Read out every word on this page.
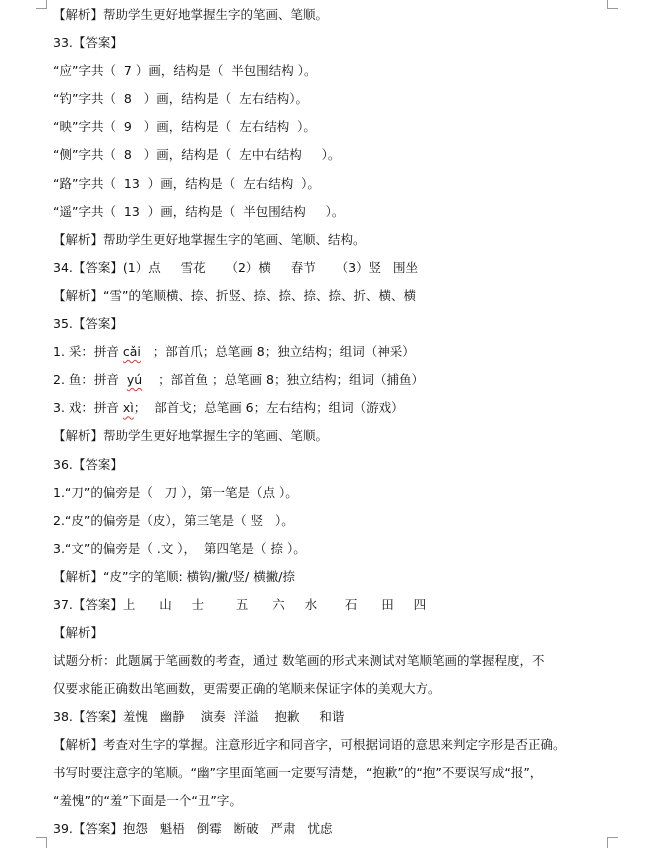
【解析】帮助学生更好地掌握生字的笔画、笔顺。
33.【答案】
“应”字共（  7 ）画，结构是（  半包围结构 ）。
“钓”字共（  8   ）画，结构是（  左右结构）。
“映”字共（  9   ）画，结构是（  左右结构  ）。
“侧”字共（  8   ）画，结构是（  左中右结构     ）。
“路”字共（  13  ）画，结构是（  左右结构  ）。
“遥”字共（  13  ）画，结构是（  半包围结构     ）。
【解析】帮助学生更好地掌握生字的笔画、笔顺、结构。
34.【答案】(1）点     雪花     （2）横     春节     （3）竖   围坐
【解析】“雪”的笔顺横、捺、折竖、捺、捺、捺、捺、折、横、横
35.【答案】
1. 采：拼音 cǎi   ；部首爪；总笔画 8；独立结构；组词（神采）
2. 鱼：拼音  yú    ；部首鱼 ；总笔画 8；独立结构；组词（捕鱼）
3. 戏：拼音 xì；  部首戈；总笔画 6；左右结构；组词（游戏）
【解析】帮助学生更好地掌握生字的笔画、笔顺。
36.【答案】
1.“刀”的偏旁是（   刀 ），第一笔是（点 ）。
2.“皮”的偏旁是（皮），第三笔是（ 竖   ）。
3.“文”的偏旁是（ .文 ），  第四笔是（ 捺 ）。
【解析】“皮”字的笔顺: 横钩/撇/竖/ 横撇/捺
37.【答案】上      山     士        五      六     水       石      田     四
【解析】
试题分析：此题属于笔画数的考查，通过 数笔画的形式来测试对笔顺笔画的掌握程度，不
仅要求能正确数出笔画数，更需要正确的笔顺来保证字体的美观大方。
38.【答案】羞愧   幽静    演奏  洋溢    抱歉     和谐
【解析】考查对生字的掌握。注意形近字和同音字，可根据词语的意思来判定字形是否正确。
书写时要注意字的笔顺。“幽”字里面笔画一定要写清楚，“抱歉”的“抱”不要误写成“报”，
“羞愧”的“羞”下面是一个“丑”字。
39.【答案】抱怨   魁梧   倒霉   断破   严肃   忧虑
